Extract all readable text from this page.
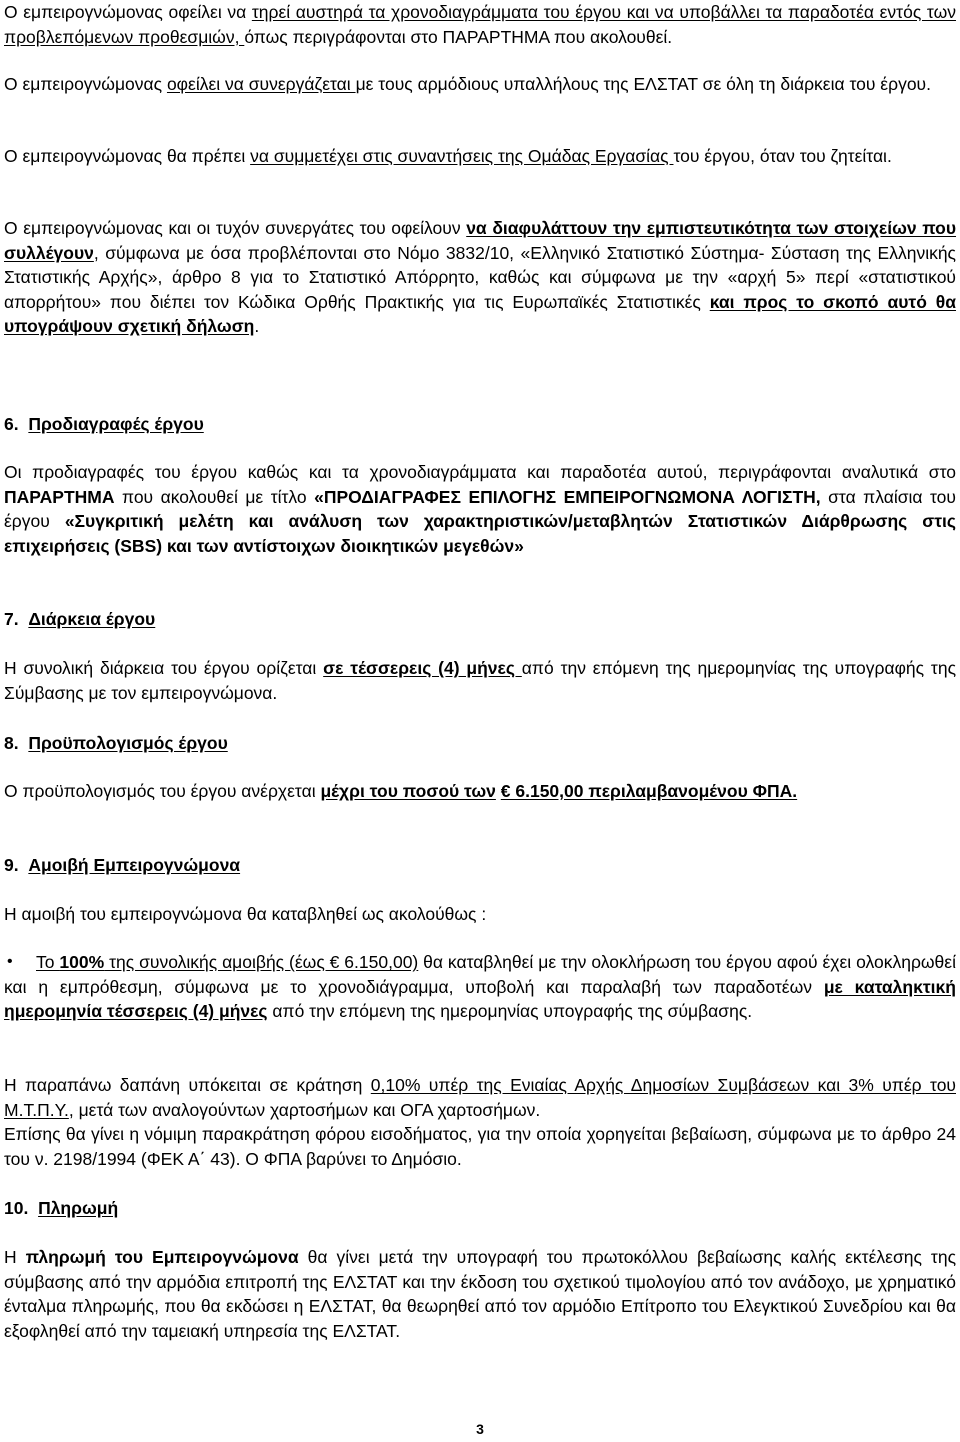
Ο εμπειρογνώμονας οφείλει να τηρεί αυστηρά τα χρονοδιαγράμματα του έργου και να υποβάλλει τα παραδοτέα εντός των προβλεπόμενων προθεσμιών, όπως περιγράφονται στο ΠΑΡΑΡΤΗΜΑ που ακολουθεί.
Ο εμπειρογνώμονας οφείλει να συνεργάζεται με τους αρμόδιους υπαλλήλους της ΕΛΣΤΑΤ σε όλη τη διάρκεια του έργου.
Ο εμπειρογνώμονας θα πρέπει να συμμετέχει στις συναντήσεις της Ομάδας Εργασίας του έργου, όταν του ζητείται.
Ο εμπειρογνώμονας και οι τυχόν συνεργάτες του οφείλουν να διαφυλάττουν την εμπιστευτικότητα των στοιχείων που συλλέγουν, σύμφωνα με όσα προβλέπονται στο Νόμο 3832/10, «Ελληνικό Στατιστικό Σύστημα- Σύσταση της Ελληνικής Στατιστικής Αρχής», άρθρο 8 για το Στατιστικό Απόρρητο, καθώς και σύμφωνα με την «αρχή 5» περί «στατιστικού απορρήτου» που διέπει τον Κώδικα Ορθής Πρακτικής για τις Ευρωπαϊκές Στατιστικές και προς το σκοπό αυτό θα υπογράψουν σχετική δήλωση.
6. Προδιαγραφές έργου
Οι προδιαγραφές του έργου καθώς και τα χρονοδιαγράμματα και παραδοτέα αυτού, περιγράφονται αναλυτικά στο ΠΑΡΑΡΤΗΜΑ που ακολουθεί με τίτλο «ΠΡΟΔΙΑΓΡΑΦΕΣ ΕΠΙΛΟΓΗΣ ΕΜΠΕΙΡΟΓΝΩΜΟΝΑ ΛΟΓΙΣΤΗ, στα πλαίσια του έργου «Συγκριτική μελέτη και ανάλυση των χαρακτηριστικών/μεταβλητών Στατιστικών Διάρθρωσης στις επιχειρήσεις (SBS) και των αντίστοιχων διοικητικών μεγεθών»
7. Διάρκεια έργου
Η συνολική διάρκεια του έργου ορίζεται σε τέσσερεις (4) μήνες από την επόμενη της ημερομηνίας της υπογραφής της Σύμβασης με τον εμπειρογνώμονα.
8. Προϋπολογισμός έργου
Ο προϋπολογισμός του έργου ανέρχεται μέχρι του ποσού των € 6.150,00 περιλαμβανομένου ΦΠΑ.
9. Αμοιβή Εμπειρογνώμονα
Η αμοιβή του εμπειρογνώμονα θα καταβληθεί ως ακολούθως :
•	Το 100% της συνολικής αμοιβής (έως € 6.150,00) θα καταβληθεί με την ολοκλήρωση του έργου αφού έχει ολοκληρωθεί και η εμπρόθεσμη, σύμφωνα με το χρονοδιάγραμμα, υποβολή και παραλαβή των παραδοτέων με καταληκτική ημερομηνία τέσσερεις (4) μήνες από την επόμενη της ημερομηνίας υπογραφής της σύμβασης.
Η παραπάνω δαπάνη υπόκειται σε κράτηση 0,10% υπέρ της Ενιαίας Αρχής Δημοσίων Συμβάσεων και 3% υπέρ του Μ.Τ.Π.Υ., μετά των αναλογούντων χαρτοσήμων και ΟΓΑ χαρτοσήμων.
Επίσης θα γίνει η νόμιμη παρακράτηση φόρου εισοδήματος, για την οποία χορηγείται βεβαίωση, σύμφωνα με το άρθρο 24 του ν. 2198/1994 (ΦΕΚ Α΄ 43). Ο ΦΠΑ βαρύνει το Δημόσιο.
10. Πληρωμή
Η πληρωμή του Εμπειρογνώμονα θα γίνει μετά την υπογραφή του πρωτοκόλλου βεβαίωσης καλής εκτέλεσης της σύμβασης από την αρμόδια επιτροπή της ΕΛΣΤΑΤ και την έκδοση του σχετικού τιμολογίου από τον ανάδοχο, με χρηματικό ένταλμα πληρωμής, που θα εκδώσει η ΕΛΣΤΑΤ, θα θεωρηθεί από τον αρμόδιο Επίτροπο του Ελεγκτικού Συνεδρίου και θα εξοφληθεί από την ταμειακή υπηρεσία της ΕΛΣΤΑΤ.
3
